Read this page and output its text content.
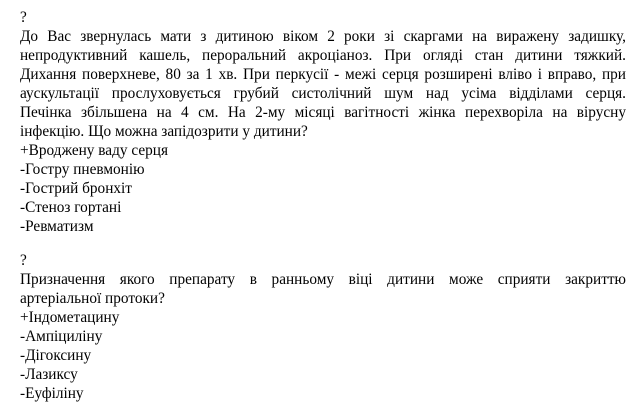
?
До Вас звернулась мати з дитиною віком 2 роки зі скаргами на виражену задишку,
непродуктивний кашель, пероральний акроціаноз. При огляді стан дитини тяжкий.
Дихання поверхневе, 80 за 1 хв. При перкусії - межі серця розширені вліво і вправо, при
аускультації прослуховується грубий систолічний шум над усіма відділами серця.
Печінка збільшена на 4 см. На 2-му місяці вагітності жінка перехворіла на вірусну
інфекцію. Що можна запідозрити у дитини?
+Вроджену ваду серця
-Гостру пневмонію
-Гострий бронхіт
-Стеноз гортані
-Ревматизм
?
Призначення якого препарату в ранньому віці дитини може сприяти закриттю
артеріальної протоки?
+Індометацину
-Ампіциліну
-Дігоксину
-Лазиксу
-Еуфіліну
